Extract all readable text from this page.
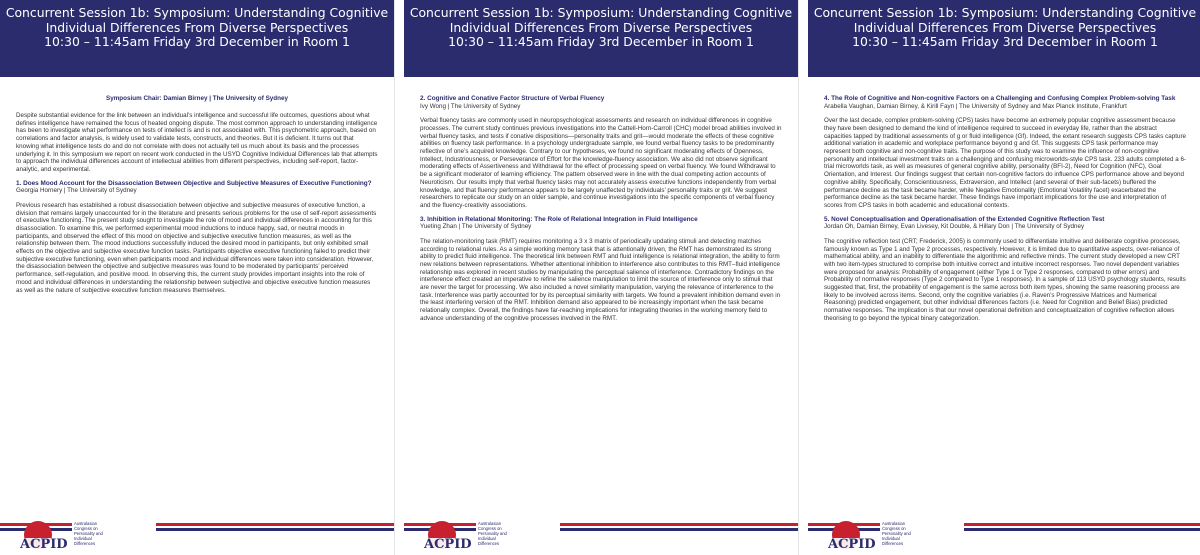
Concurrent Session 1b: Symposium: Understanding Cognitive
Individual Differences From Diverse Perspectives
10:30 – 11:45am Friday 3rd December in Room 1
Symposium Chair: Damian Birney | The University of Sydney

Despite substantial evidence for the link between an individual’s intelligence and successful life outcomes, questions about what defines intelligence have remained the focus of heated ongoing dispute. The most common approach to understanding intelligence has been to investigate what performance on tests of intellect is and is not associated with. This psychometric approach, based on correlations and factor analysis, is widely used to validate tests, constructs, and theories. But it is deficient. It turns out that knowing what intelligence tests do and do not correlate with does not actually tell us much about its basis and the processes underlying it. In this symposium we report on recent work conducted in the USYD Cognitive Individual Differences lab that attempts to approach the individual differences account of intellectual abilities from different perspectives, including self-report, factor-analytic, and experimental.

1. Does Mood Account for the Disassociation Between Objective and Subjective Measures of Executive Functioning?

Georgia Hornery | The University of Sydney

Previous research has established a robust disassociation between objective and subjective measures of executive function, a division that remains largely unaccounted for in the literature and presents serious problems for the use of self-report assessments of executive functioning. The present study sought to investigate the role of mood and individual differences in accounting for this disassociation. To examine this, we performed experimental mood inductions to induce happy, sad, or neutral moods in participants, and observed the effect of this mood on objective and subjective executive function measures, as well as the relationship between them. The mood inductions successfully induced the desired mood in participants, but only exhibited small effects on the objective and subjective executive function tasks. Participants objective executive functioning failed to predict their subjective executive functioning, even when participants mood and individual differences were taken into consideration. However, the disassociation between the objective and subjective measures was found to be moderated by participants’ perceived performance, self-regulation, and positive mood. In observing this, the current study provides important insights into the role of mood and individual differences in understanding the relationship between subjective and objective executive function measures as well as the nature of subjective executive function measures themselves.

ACPID
Australasian
Congress on
Personality and
Individual
Differences
Concurrent Session 1b: Symposium: Understanding Cognitive
Individual Differences From Diverse Perspectives
10:30 – 11:45am Friday 3rd December in Room 1

2. Cognitive and Conative Factor Structure of Verbal Fluency

Ivy Wong | The University of Sydney

Verbal fluency tasks are commonly used in neuropsychological assessments and research on individual differences in cognitive processes. The current study continues previous investigations into the Cattell-Horn-Carroll (CHC) model broad abilities involved in verbal fluency tasks, and tests if conative dispositions—personality traits and grit—would moderate the effects of these cognitive abilities on fluency task performance. In a psychology undergraduate sample, we found verbal fluency tasks to be predominantly reflective of one’s acquired knowledge. Contrary to our hypotheses, we found no significant moderating effects of Openness, Intellect, Industriousness, or Perseverance of Effort for the knowledge-fluency association. We also did not observe significant moderating effects of Assertiveness and Withdrawal for the effect of processing speed on verbal fluency. We found Withdrawal to be a significant moderator of learning efficiency. The pattern observed were in line with the dual competing action accounts of Neuroticism. Our results imply that verbal fluency tasks may not accurately assess executive functions independently from verbal knowledge, and that fluency performance appears to be largely unaffected by individuals’ personality traits or grit. We suggest researchers to replicate our study on an older sample, and continue investigations into the specific components of verbal fluency and the fluency-creativity associations.

3. Inhibition in Relational Monitoring: The Role of Relational Integration in Fluid Intelligence

Yueting Zhan | The University of Sydney

The relation-monitoring task (RMT) requires monitoring a 3 x 3 matrix of periodically updating stimuli and detecting matches according to relational rules. As a simple working memory task that is attentionally driven, the RMT has demonstrated its strong ability to predict fluid intelligence. The theoretical link between RMT and fluid intelligence is relational integration, the ability to form new relations between representations. Whether attentional inhibition to interference also contributes to this RMT–fluid intelligence relationship was explored in recent studies by manipulating the perceptual salience of interference. Contradictory findings on the interference effect created an imperative to refine the salience manipulation to limit the source of interference only to stimuli that are never the target for processing. We also included a novel similarity manipulation, varying the relevance of interference to the task. Interference was partly accounted for by its perceptual similarity with targets. We found a prevalent inhibition demand even in the least interfering version of the RMT. Inhibition demand also appeared to be increasingly important when the task became relationally complex. Overall, the findings have far-reaching implications for integrating theories in the working memory field to advance understanding of the cognitive processes involved in the RMT.

ACPID
Australasian
Congress on
Personality and
Individual
Differences
Concurrent Session 1b: Symposium: Understanding Cognitive
Individual Differences From Diverse Perspectives
10:30 – 11:45am Friday 3rd December in Room 1

4. The Role of Cognitive and Non-cognitive Factors on a Challenging and Confusing Complex Problem-solving Task

Arabella Vaughan, Damian Birney, & Kirill Fayn | The University of Sydney and Max Planck Institute, Frankfurt

Over the last decade, complex problem-solving (CPS) tasks have become an extremely popular cognitive assessment because they have been designed to demand the kind of intelligence required to succeed in everyday life, rather than the abstract capacities tapped by traditional assessments of g or fluid intelligence (Gf). Indeed, the extant research suggests CPS tasks capture additional variation in academic and workplace performance beyond g and Gf. This suggests CPS task performance may represent both cognitive and non-cognitive traits. The purpose of this study was to examine the influence of non-cognitive personality and intellectual investment traits on a challenging and confusing microworlds-style CPS task. 233 adults completed a 6-trial microworlds task, as well as measures of general cognitive ability, personality (BFI-2), Need for Cognition (NFC), Goal Orientation, and Interest. Our findings suggest that certain non-cognitive factors do influence CPS performance above and beyond cognitive ability. Specifically, Conscientiousness, Extraversion, and Intellect (and several of their sub-facets) buffered the performance decline as the task became harder, while Negative Emotionality (Emotional Volatility facet) exacerbated the performance decline as the task became harder. These findings have important implications for the use and interpretation of scores from CPS tasks in both academic and educational contexts.

5. Novel Conceptualisation and Operationalisation of the Extended Cognitive Reflection Test

Jordan Oh, Damian Birney, Evan Livesey, Kit Double, & Hillary Don | The University of Sydney

The cognitive reflection test (CRT; Frederick, 2005) is commonly used to differentiate intuitive and deliberate cognitive processes, famously known as Type 1 and Type 2 processes, respectively. However, it is limited due to quantitative aspects, over-reliance of mathematical ability, and an inability to differentiate the algorithmic and reflective minds. The current study developed a new CRT with two item-types structured to comprise both intuitive correct and intuitive incorrect responses. Two novel dependent variables were proposed for analysis: Probability of engagement (either Type 1 or Type 2 responses, compared to other errors) and Probability of normative responses (Type 2 compared to Type 1 responses). In a sample of 113 USYD psychology students, results suggested that, first, the probability of engagement is the same across both item types, showing the same reasoning process are likely to be involved across items. Second, only the cognitive variables (i.e. Raven’s Progressive Matrices and Numerical Reasoning) predicted engagement, but other individual differences factors (i.e. Need for Cognition and Belief Bias) predicted normative responses. The implication is that our novel operational definition and conceptualization of cognitive reflection allows theorising to go beyond the typical binary categorization.

ACPID
Australasian
Congress on
Personality and
Individual
Differences
